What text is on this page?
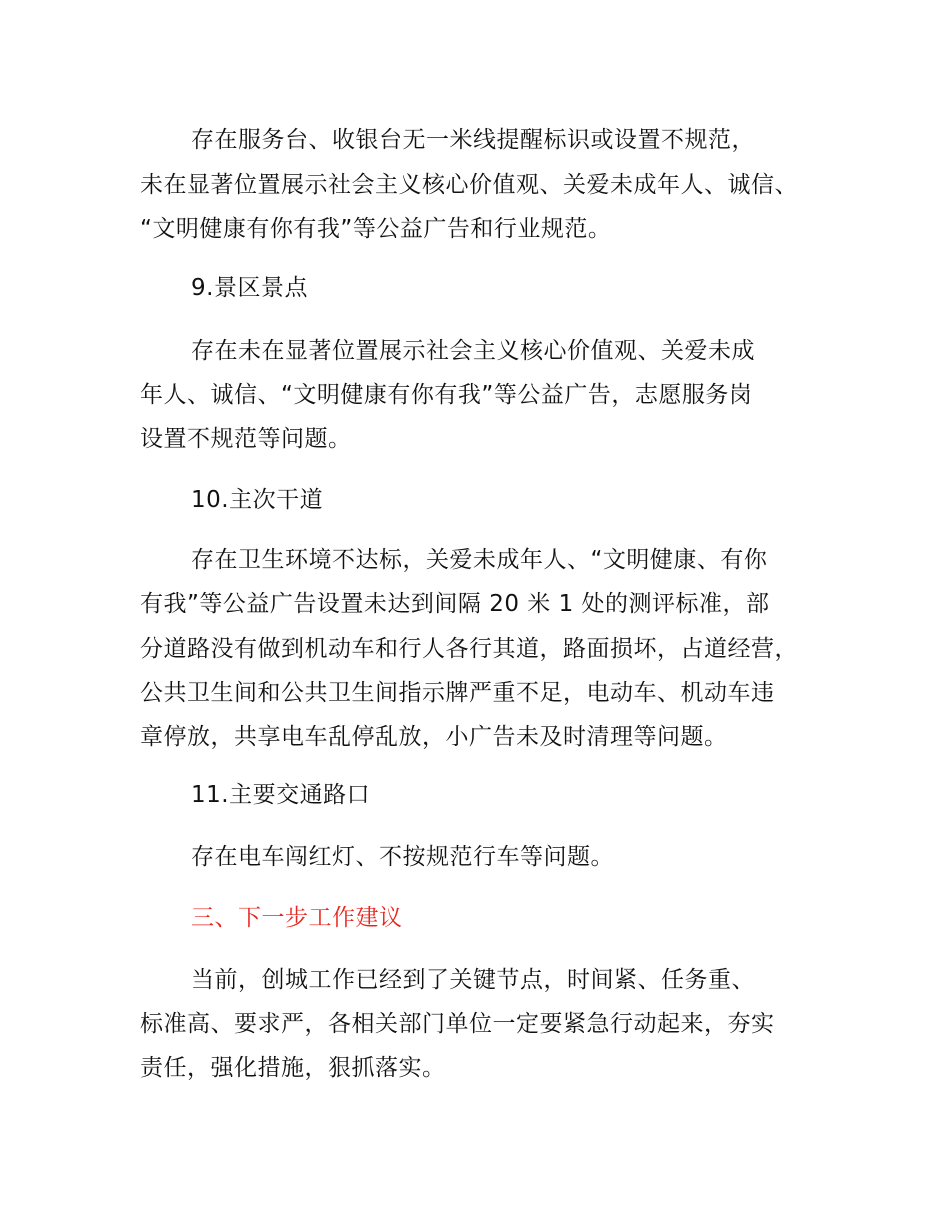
存在服务台、收银台无一米线提醒标识或设置不规范，
未在显著位置展示社会主义核心价值观、关爱未成年人、诚信、
“文明健康有你有我”等公益广告和行业规范。
9.景区景点
存在未在显著位置展示社会主义核心价值观、关爱未成
年人、诚信、“文明健康有你有我”等公益广告，志愿服务岗
设置不规范等问题。
10.主次干道
存在卫生环境不达标，关爱未成年人、“文明健康、有你
有我”等公益广告设置未达到间隔 20 米 1 处的测评标准，部
分道路没有做到机动车和行人各行其道，路面损坏，占道经营，
公共卫生间和公共卫生间指示牌严重不足，电动车、机动车违
章停放，共享电车乱停乱放，小广告未及时清理等问题。
11.主要交通路口
存在电车闯红灯、不按规范行车等问题。
三、下一步工作建议
当前，创城工作已经到了关键节点，时间紧、任务重、
标准高、要求严，各相关部门单位一定要紧急行动起来，夯实
责任，强化措施，狠抓落实。
